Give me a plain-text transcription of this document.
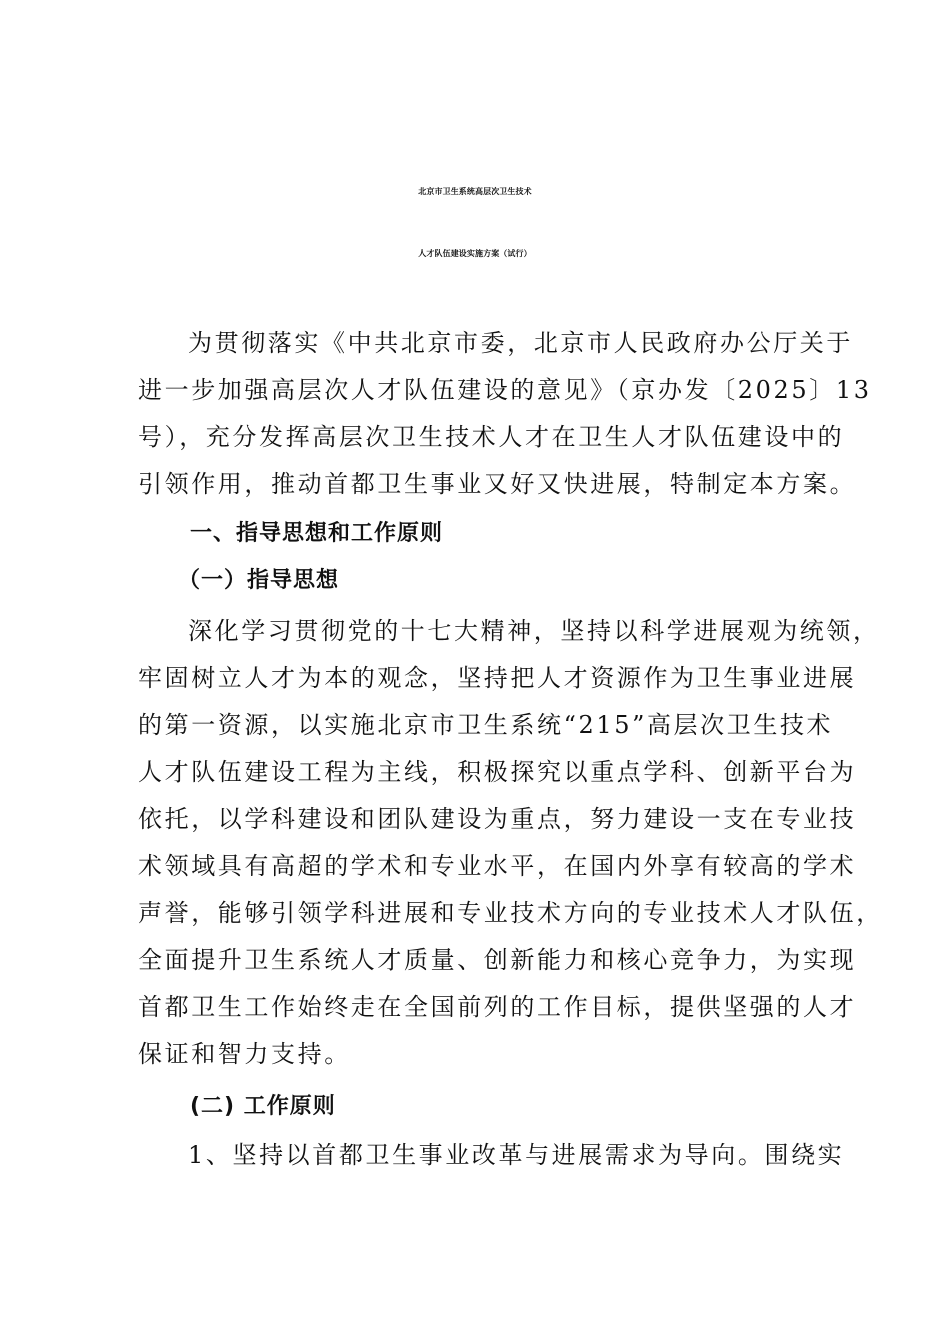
北京市卫生系统高层次卫生技术
人才队伍建设实施方案（试行）
为贯彻落实《中共北京市委，北京市人民政府办公厅关于
进一步加强高层次人才队伍建设的意见》（京办发〔2025〕13
号），充分发挥高层次卫生技术人才在卫生人才队伍建设中的
引领作用，推动首都卫生事业又好又快进展，特制定本方案。
一、指导思想和工作原则
（一）指导思想
深化学习贯彻党的十七大精神，坚持以科学进展观为统领，
牢固树立人才为本的观念，坚持把人才资源作为卫生事业进展
的第一资源，以实施北京市卫生系统“215”高层次卫生技术
人才队伍建设工程为主线，积极探究以重点学科、创新平台为
依托，以学科建设和团队建设为重点，努力建设一支在专业技
术领域具有高超的学术和专业水平，在国内外享有较高的学术
声誉，能够引领学科进展和专业技术方向的专业技术人才队伍，
全面提升卫生系统人才质量、创新能力和核心竞争力，为实现
首都卫生工作始终走在全国前列的工作目标，提供坚强的人才
保证和智力支持。
(二) 工作原则
1、坚持以首都卫生事业改革与进展需求为导向。围绕实
